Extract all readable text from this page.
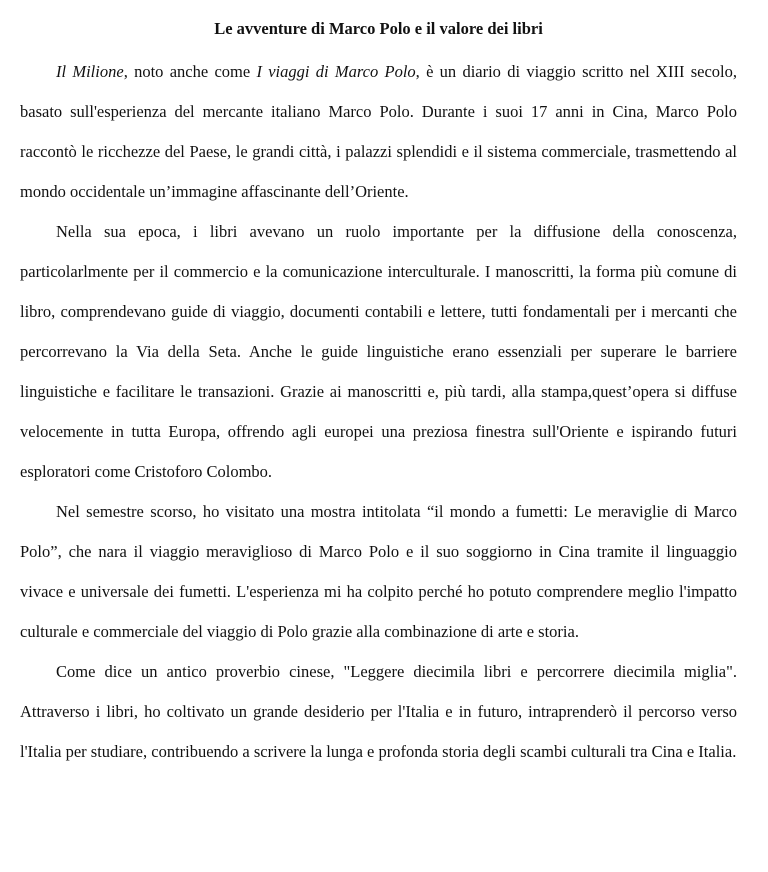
Le avventure di Marco Polo e il valore dei libri

Il Milione, noto anche come I viaggi di Marco Polo, è un diario di viaggio scritto nel XIII secolo, basato sull'esperienza del mercante italiano Marco Polo. Durante i suoi 17 anni in Cina, Marco Polo raccontò le ricchezze del Paese, le grandi città, i palazzi splendidi e il sistema commerciale, trasmettendo al mondo occidentale un’immagine affascinante dell’Oriente.

Nella sua epoca, i libri avevano un ruolo importante per la diffusione della conoscenza, particolarlmente per il commercio e la comunicazione interculturale. I manoscritti, la forma più comune di libro, comprendevano guide di viaggio, documenti contabili e lettere, tutti fondamentali per i mercanti che percorrevano la Via della Seta. Anche le guide linguistiche erano essenziali per superare le barriere linguistiche e facilitare le transazioni. Grazie ai manoscritti e, più tardi, alla stampa,quest’opera si diffuse velocemente in tutta Europa, offrendo agli europei una preziosa finestra sull'Oriente e ispirando futuri esploratori come Cristoforo Colombo.

Nel semestre scorso, ho visitato una mostra intitolata “il mondo a fumetti: Le meraviglie di Marco Polo”, che nara il viaggio meraviglioso di Marco Polo e il suo soggiorno in Cina tramite il linguaggio vivace e universale dei fumetti. L'esperienza mi ha colpito perché ho potuto comprendere meglio l'impatto culturale e commerciale del viaggio di Polo grazie alla combinazione di arte e storia.

Come dice un antico proverbio cinese, "Leggere diecimila libri e percorrere diecimila miglia". Attraverso i libri, ho coltivato un grande desiderio per l'Italia e in futuro, intraprenderò il percorso verso l'Italia per studiare, contribuendo a scrivere la lunga e profonda storia degli scambi culturali tra Cina e Italia.
